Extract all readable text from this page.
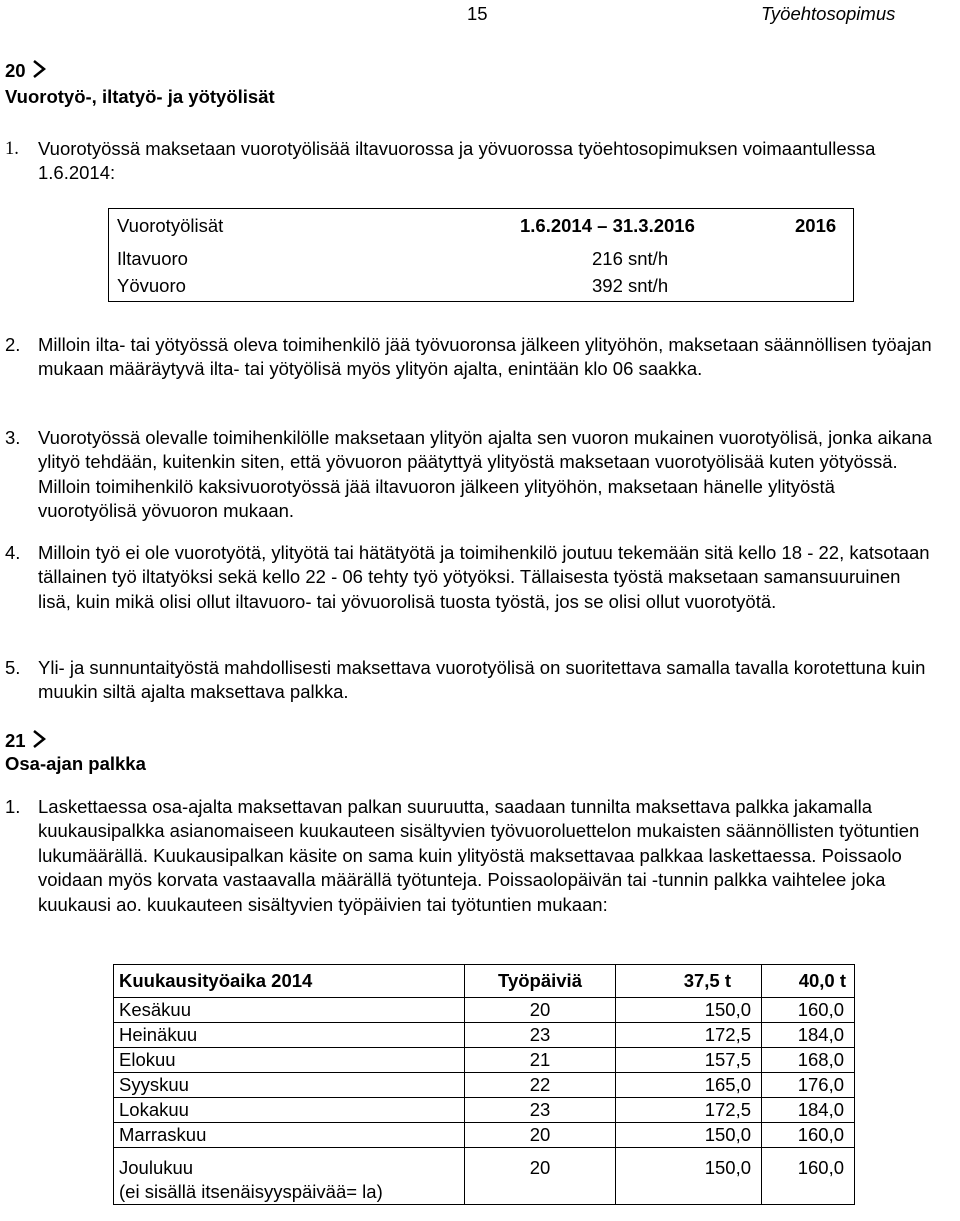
15	Työehtosopimus
20
Vuorotyö-, iltatyö- ja yötyölisät
1. Vuorotyössä maksetaan vuorotyölisää iltavuorossa ja yövuorossa työehtosopimuksen voimaantullessa 1.6.2014:
Vuorotyölisät	1.6.2014 – 31.3.2016	2016
Iltavuoro	216 snt/h
Yövuoro	392 snt/h
2. Milloin ilta- tai yötyössä oleva toimihenkilö jää työvuoronsa jälkeen ylityöhön, maksetaan säännöllisen työajan mukaan määräytyvä ilta- tai yötyölisä myös ylityön ajalta, enintään klo 06 saakka.
3. Vuorotyössä olevalle toimihenkilölle maksetaan ylityön ajalta sen vuoron mukainen vuorotyölisä, jonka aikana ylityö tehdään, kuitenkin siten, että yövuoron päätyttyä ylityöstä maksetaan vuorotyölisää kuten yötyössä. Milloin toimihenkilö kaksivuorotyössä jää iltavuoron jälkeen ylityöhön, maksetaan hänelle ylityöstä vuorotyölisä yövuoron mukaan.
4. Milloin työ ei ole vuorotyötä, ylityötä tai hätätyötä ja toimihenkilö joutuu tekemään sitä kello 18 - 22, katsotaan tällainen työ iltatyöksi sekä kello 22 - 06 tehty työ yötyöksi. Tällaisesta työstä maksetaan samansuuruinen lisä, kuin mikä olisi ollut iltavuoro- tai yövuorolisä tuosta työstä, jos se olisi ollut vuorotyötä.
5. Yli- ja sunnuntaityöstä mahdollisesti maksettava vuorotyölisä on suoritettava samalla tavalla korotettuna kuin muukin siltä ajalta maksettava palkka.
21
Osa-ajan palkka
1. Laskettaessa osa-ajalta maksettavan palkan suuruutta, saadaan tunnilta maksettava palkka jakamalla kuukausipalkka asianomaiseen kuukauteen sisältyvien työvuoroluettelon mukaisten säännöllisten työtuntien lukumäärällä. Kuukausipalkan käsite on sama kuin ylityöstä maksettavaa palkkaa laskettaessa. Poissaolo voidaan myös korvata vastaavalla määrällä työtunteja. Poissaolopäivän tai -tunnin palkka vaihtelee joka kuukausi ao. kuukauteen sisältyvien työpäivien tai työtuntien mukaan:
Kuukausityöaika 2014	Työpäiviä	37,5 t	40,0 t
Kesäkuu	20	150,0	160,0
Heinäkuu	23	172,5	184,0
Elokuu	21	157,5	168,0
Syyskuu	22	165,0	176,0
Lokakuu	23	172,5	184,0
Marraskuu	20	150,0	160,0

Joulukuu
(ei sisällä itsenäisyyspäivää= la)	20	150,0	160,0
